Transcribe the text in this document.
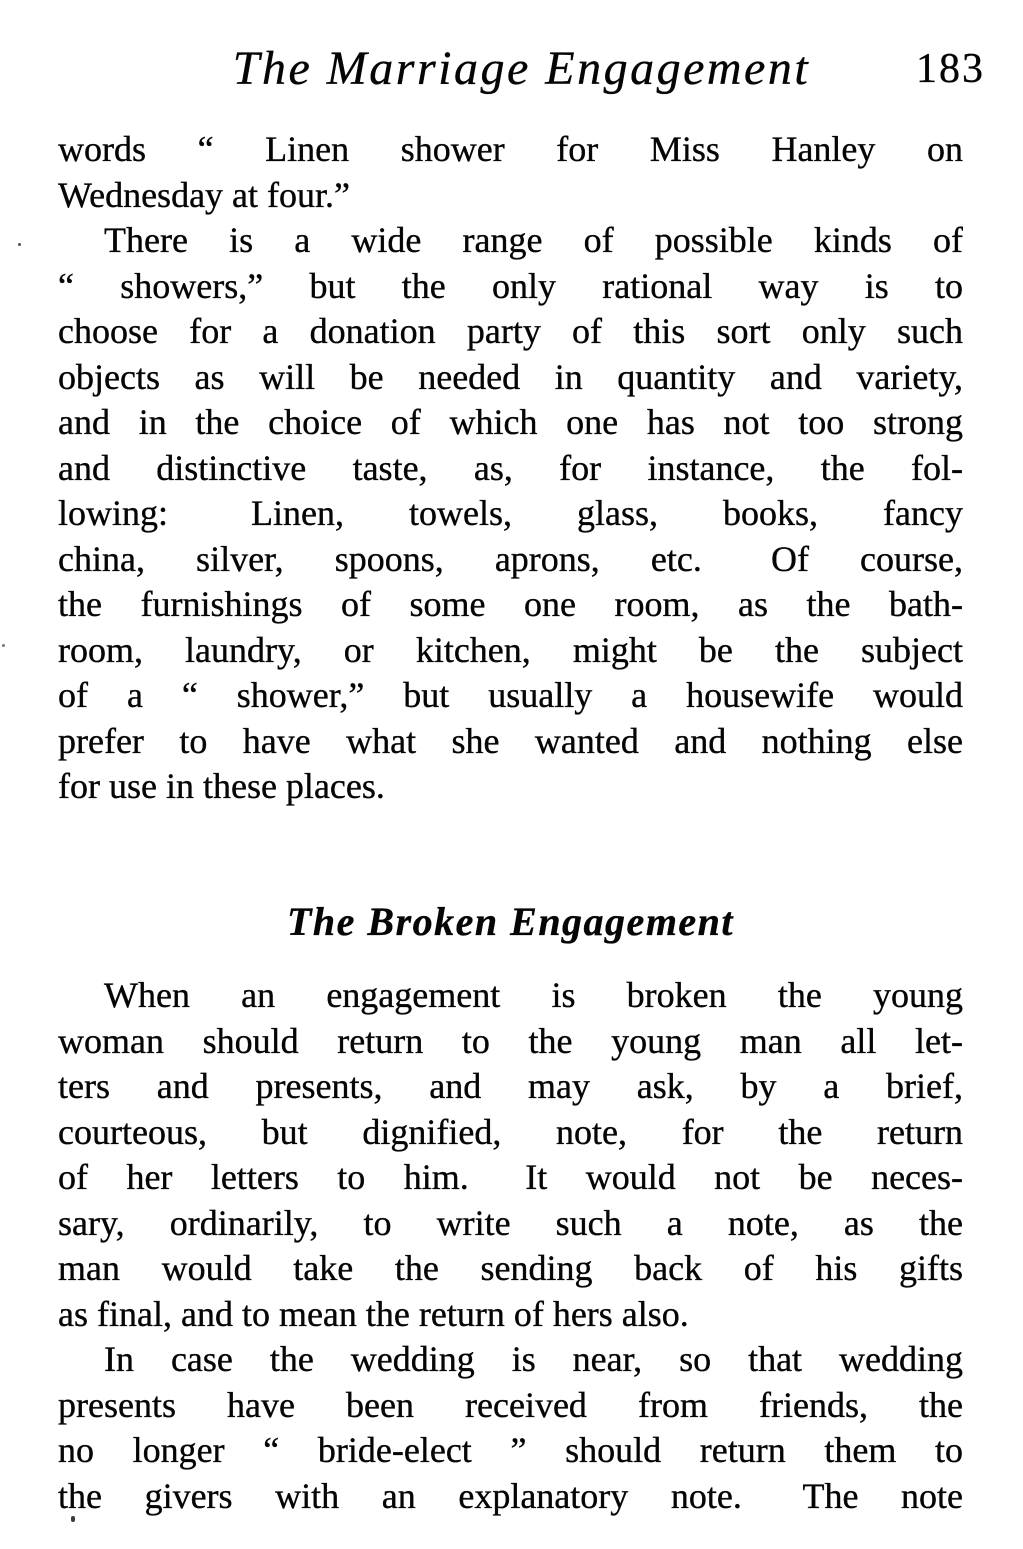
The Marriage Engagement	183

words “ Linen shower for Miss Hanley on
Wednesday at four.”

There is a wide range of possible kinds of
“ showers,” but the only rational way is to
choose for a donation party of this sort only such
objects as will be needed in quantity and variety,
and in the choice of which one has not too strong
and distinctive taste, as, for instance, the fol-
lowing:  Linen, towels, glass, books, fancy
china, silver, spoons, aprons, etc.  Of course,
the furnishings of some one room, as the bath-
room, laundry, or kitchen, might be the subject
of a “ shower,” but usually a housewife would
prefer to have what she wanted and nothing else
for use in these places.

The Broken Engagement

When an engagement is broken the young
woman should return to the young man all let-
ters and presents, and may ask, by a brief,
courteous, but dignified, note, for the return
of her letters to him.  It would not be neces-
sary, ordinarily, to write such a note, as the
man would take the sending back of his gifts
as final, and to mean the return of hers also.

In case the wedding is near, so that wedding
presents have been received from friends, the
no longer “ bride-elect ” should return them to
the givers with an explanatory note.  The note
